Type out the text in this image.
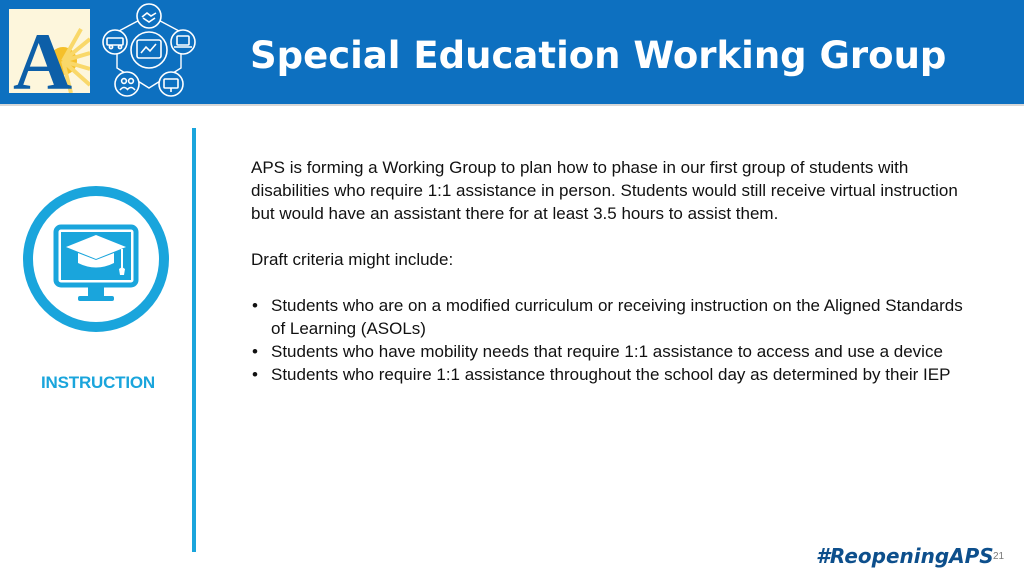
A	Special Education Working Group
INSTRUCTION

APS is forming a Working Group to plan how to phase in our first group of students with disabilities who require 1:1 assistance in person. Students would still receive virtual instruction but would have an assistant there for at least 3.5 hours to assist them.

Draft criteria might include:

• Students who are on a modified curriculum or receiving instruction on the Aligned Standards of Learning (ASOLs)
• Students who have mobility needs that require 1:1 assistance to access and use a device
• Students who require 1:1 assistance throughout the school day as determined by their IEP
#ReopeningAPS 21
